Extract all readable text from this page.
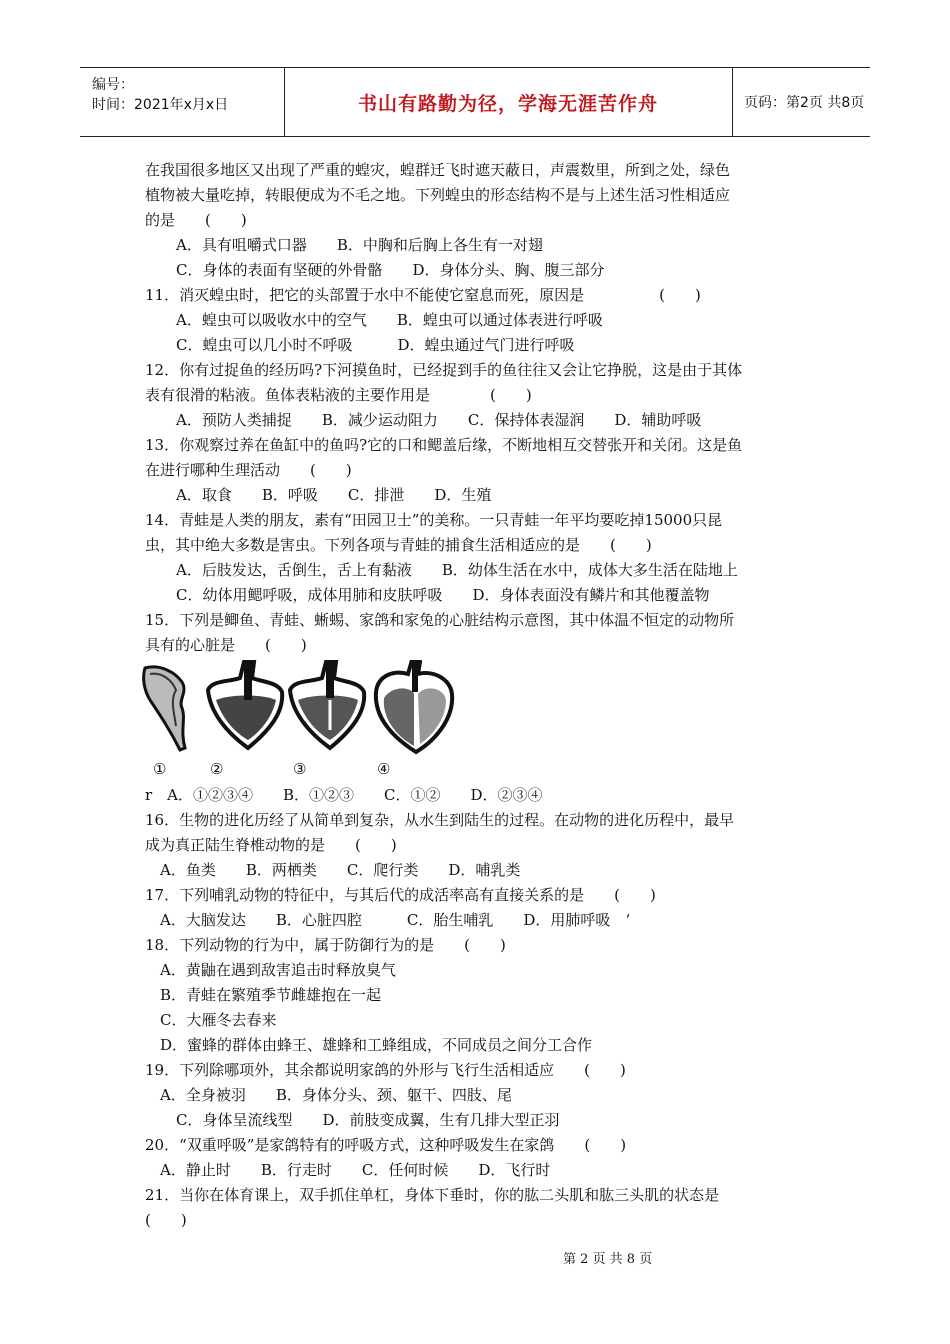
编号：
时间：2021年x月x日	书山有路勤为径，学海无涯苦作舟	页码：第2页 共8页
在我国很多地区又出现了严重的蝗灾，蝗群迁飞时遮天蔽日，声震数里，所到之处，绿色
植物被大量吃掉，转眼便成为不毛之地。下列蝗虫的形态结构不是与上述生活习性相适应
的是　　(　　)
A．具有咀嚼式口器　　B．中胸和后胸上各生有一对翅
C．身体的表面有坚硬的外骨骼　　D．身体分头、胸、腹三部分
11．消灭蝗虫时，把它的头部置于水中不能使它窒息而死，原因是　　　　　(　　)
A．蝗虫可以吸收水中的空气　　B．蝗虫可以通过体表进行呼吸
C．蝗虫可以几小时不呼吸　　　D．蝗虫通过气门进行呼吸
12．你有过捉鱼的经历吗?下河摸鱼时，已经捉到手的鱼往往又会让它挣脱，这是由于其体
表有很滑的粘液。鱼体表粘液的主要作用是　　　　(　　)
A．预防人类捕捉　　B．减少运动阻力　　C．保持体表湿润　　D．辅助呼吸
13．你观察过养在鱼缸中的鱼吗?它的口和鳃盖后缘，不断地相互交替张开和关闭。这是鱼
在进行哪种生理活动　　(　　)
A．取食　　B．呼吸　　C．排泄　　D．生殖
14．青蛙是人类的朋友，素有“田园卫士”的美称。一只青蛙一年平均要吃掉15000只昆
虫，其中绝大多数是害虫。下列各项与青蛙的捕食生活相适应的是　　(　　)
A．后肢发达，舌倒生，舌上有黏液　　B．幼体生活在水中，成体大多生活在陆地上
C．幼体用鳃呼吸，成体用肺和皮肤呼吸　　D．身体表面没有鳞片和其他覆盖物
15．下列是鲫鱼、青蛙、蜥蜴、家鸽和家兔的心脏结构示意图，其中体温不恒定的动物所
具有的心脏是　　(　　)
①	②	③	④
r　A．①②③④　　B．①②③　　C．①②　　D．②③④
16．生物的进化历经了从简单到复杂，从水生到陆生的过程。在动物的进化历程中，最早
成为真正陆生脊椎动物的是　　(　　)
A．鱼类　　B．两栖类　　C．爬行类　　D．哺乳类
17．下列哺乳动物的特征中，与其后代的成活率高有直接关系的是　　(　　)
A．大脑发达　　B．心脏四腔　　　C．胎生哺乳　　D．用肺呼吸　‘
18．下列动物的行为中，属于防御行为的是　　(　　)
A．黄鼬在遇到敌害追击时释放臭气
B．青蛙在繁殖季节雌雄抱在一起
C．大雁冬去春来
D．蜜蜂的群体由蜂王、雄蜂和工蜂组成，不同成员之间分工合作
19．下列除哪项外，其余都说明家鸽的外形与飞行生活相适应　　(　　)
A．全身被羽　　B．身体分头、颈、躯干、四肢、尾
C．身体呈流线型　　D．前肢变成翼，生有几排大型正羽
20．“双重呼吸”是家鸽特有的呼吸方式，这种呼吸发生在家鸽　　(　　)
A．静止时　　B．行走时　　C．任何时候　　D．飞行时
21．当你在体育课上，双手抓住单杠，身体下垂时，你的肱二头肌和肱三头肌的状态是
(　　)
第 2 页 共 8 页
